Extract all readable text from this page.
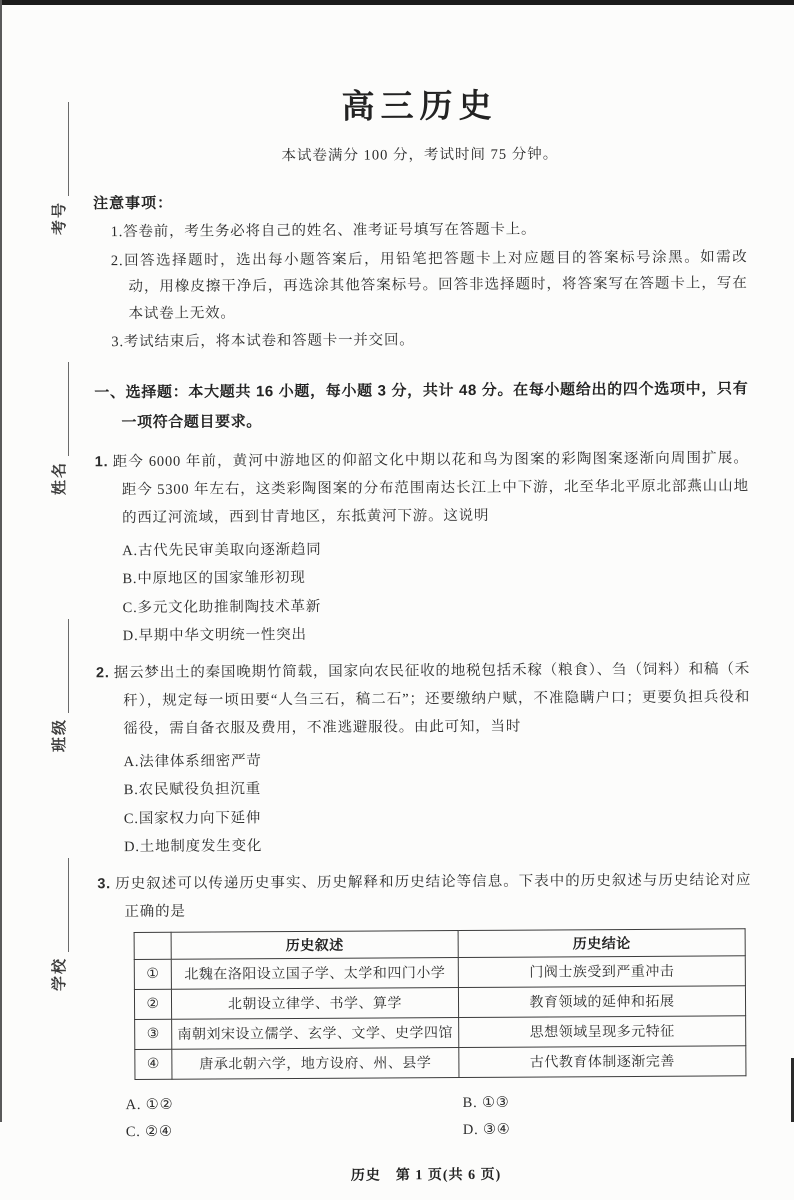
考号
姓名
班级
学校
高三历史

本试卷满分 100 分，考试时间 75 分钟。

注意事项：

1.答卷前，考生务必将自己的姓名、准考证号填写在答题卡上。

2.回答选择题时，选出每小题答案后，用铅笔把答题卡上对应题目的答案标号涂黑。如需改动，用橡皮擦干净后，再选涂其他答案标号。回答非选择题时，将答案写在答题卡上，写在本试卷上无效。

3.考试结束后，将本试卷和答题卡一并交回。

一、选择题：本大题共 16 小题，每小题 3 分，共计 48 分。在每小题给出的四个选项中，只有一项符合题目要求。

1. 距今 6000 年前，黄河中游地区的仰韶文化中期以花和鸟为图案的彩陶图案逐渐向周围扩展。距今 5300 年左右，这类彩陶图案的分布范围南达长江上中下游，北至华北平原北部燕山山地的西辽河流域，西到甘青地区，东抵黄河下游。这说明

A.古代先民审美取向逐渐趋同
B.中原地区的国家雏形初现
C.多元文化助推制陶技术革新
D.早期中华文明统一性突出

2. 据云梦出土的秦国晚期竹简载，国家向农民征收的地税包括禾稼（粮食）、刍（饲料）和稿（禾秆），规定每一顷田要“人刍三石，稿二石”；还要缴纳户赋，不准隐瞒户口；更要负担兵役和徭役，需自备衣服及费用，不准逃避服役。由此可知，当时

A.法律体系细密严苛
B.农民赋役负担沉重
C.国家权力向下延伸
D.土地制度发生变化

3. 历史叙述可以传递历史事实、历史解释和历史结论等信息。下表中的历史叙述与历史结论对应正确的是

	历史叙述	历史结论
①	北魏在洛阳设立国子学、太学和四门小学	门阀士族受到严重冲击
②	北朝设立律学、书学、算学	教育领域的延伸和拓展
③	南朝刘宋设立儒学、玄学、文学、史学四馆	思想领域呈现多元特征
④	唐承北朝六学，地方设府、州、县学	古代教育体制逐渐完善
A. ①②	B. ①③
C. ②④	D. ③④

历史　第 1 页(共 6 页)
